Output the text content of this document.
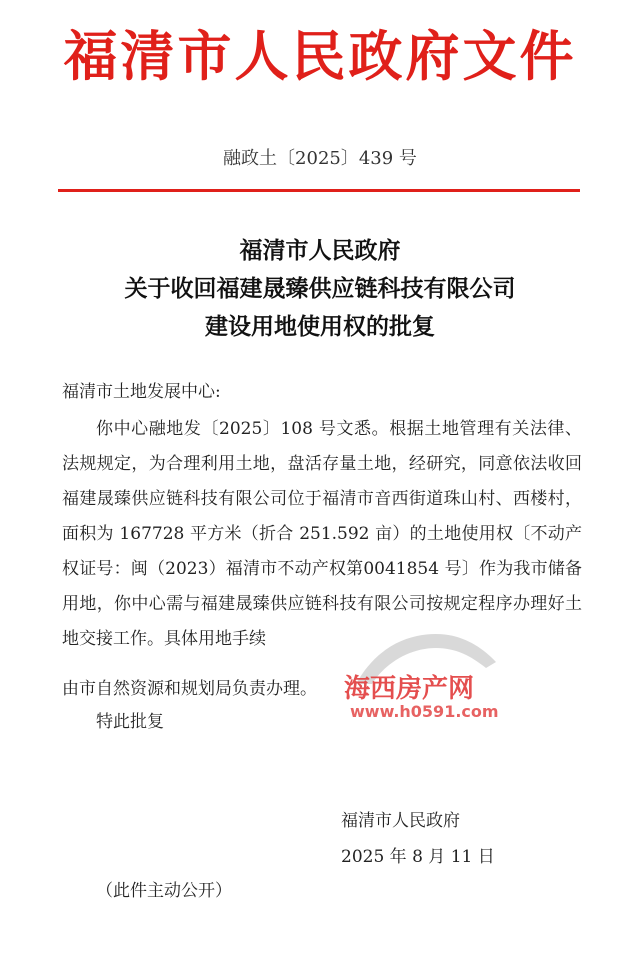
福清市人民政府文件
融政土〔2025〕439 号
福清市人民政府
关于收回福建晟臻供应链科技有限公司
建设用地使用权的批复
福清市土地发展中心:

你中心融地发〔2025〕108 号文悉。根据土地管理有关法律、法规规定，为合理利用土地，盘活存量土地，经研究，同意依法收回福建晟臻供应链科技有限公司位于福清市音西街道珠山村、西楼村，面积为 167728 平方米（折合 251.592 亩）的土地使用权〔不动产权证号：闽（2023）福清市不动产权第0041854 号〕作为我市储备用地，你中心需与福建晟臻供应链科技有限公司按规定程序办理好土地交接工作。具体用地手续

由市自然资源和规划局负责办理。
特此批复
海西房产网
www.h0591.com
福清市人民政府
2025 年 8 月 11 日
（此件主动公开）
